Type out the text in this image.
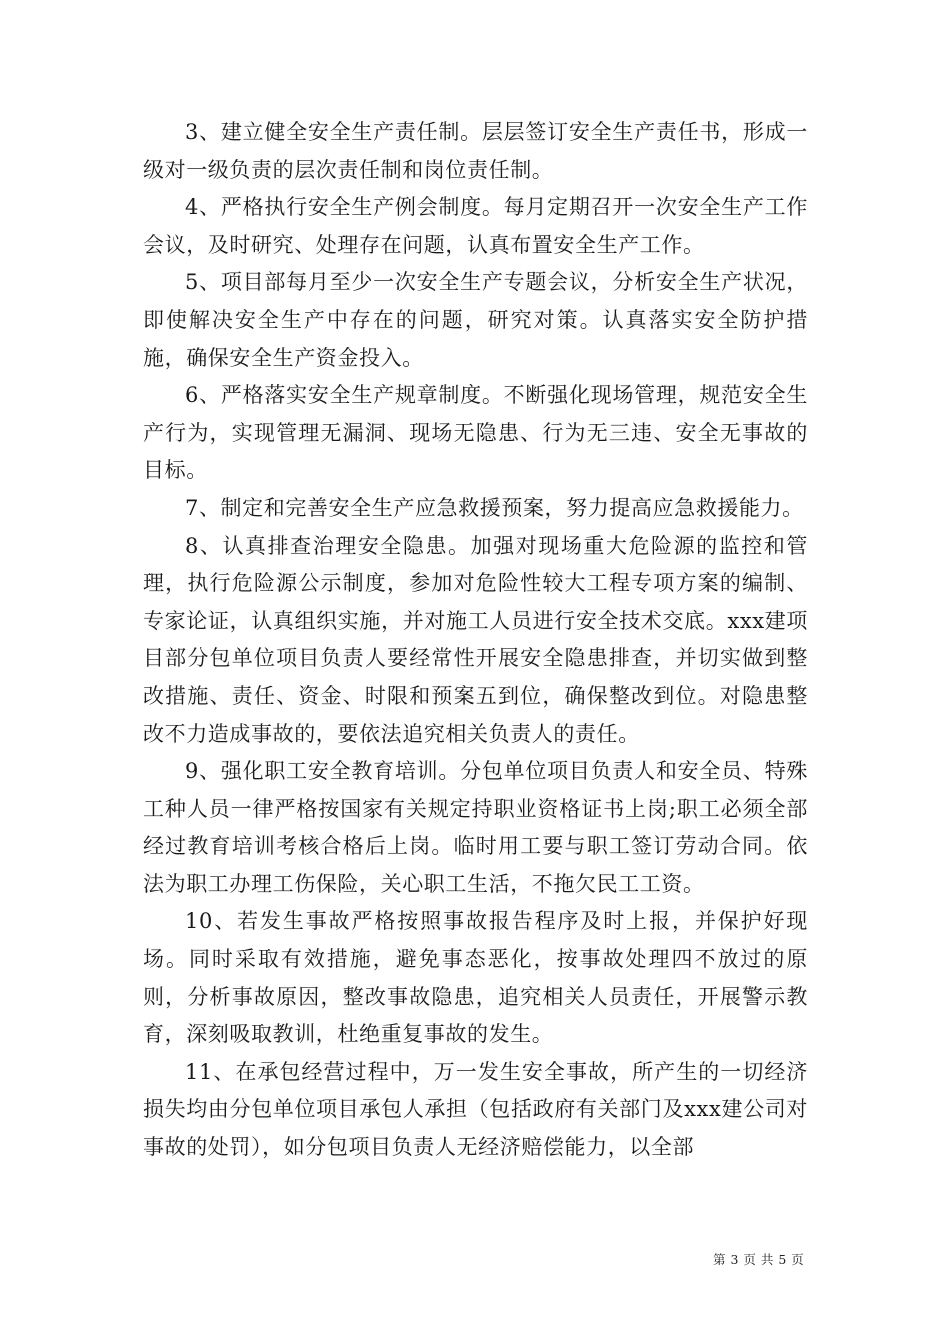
3、建立健全安全生产责任制。层层签订安全生产责任书，形成一级对一级负责的层次责任制和岗位责任制。

4、严格执行安全生产例会制度。每月定期召开一次安全生产工作会议，及时研究、处理存在问题，认真布置安全生产工作。

5、项目部每月至少一次安全生产专题会议，分析安全生产状况，即使解决安全生产中存在的问题，研究对策。认真落实安全防护措施，确保安全生产资金投入。

6、严格落实安全生产规章制度。不断强化现场管理，规范安全生产行为，实现管理无漏洞、现场无隐患、行为无三违、安全无事故的目标。

7、制定和完善安全生产应急救援预案，努力提高应急救援能力。

8、认真排查治理安全隐患。加强对现场重大危险源的监控和管理，执行危险源公示制度，参加对危险性较大工程专项方案的编制、专家论证，认真组织实施，并对施工人员进行安全技术交底。xxx建项目部分包单位项目负责人要经常性开展安全隐患排查，并切实做到整改措施、责任、资金、时限和预案五到位，确保整改到位。对隐患整改不力造成事故的，要依法追究相关负责人的责任。

9、强化职工安全教育培训。分包单位项目负责人和安全员、特殊工种人员一律严格按国家有关规定持职业资格证书上岗;职工必须全部经过教育培训考核合格后上岗。临时用工要与职工签订劳动合同。依法为职工办理工伤保险，关心职工生活，不拖欠民工工资。

10、若发生事故严格按照事故报告程序及时上报，并保护好现场。同时采取有效措施，避免事态恶化，按事故处理四不放过的原则，分析事故原因，整改事故隐患，追究相关人员责任，开展警示教育，深刻吸取教训，杜绝重复事故的发生。

11、在承包经营过程中，万一发生安全事故，所产生的一切经济损失均由分包单位项目承包人承担（包括政府有关部门及xxx建公司对事故的处罚），如分包项目负责人无经济赔偿能力，以全部

第 3 页 共 5 页
